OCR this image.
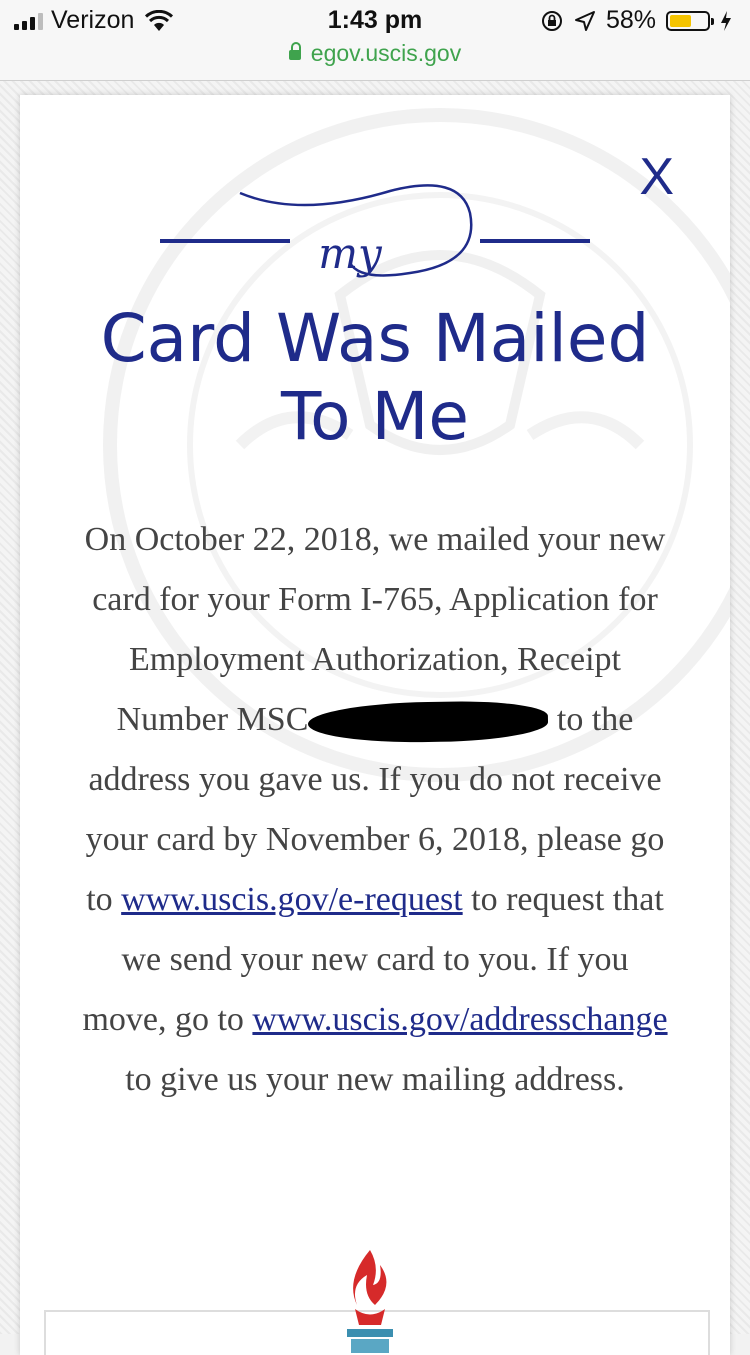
Verizon	1:43 pm	58%
egov.uscis.gov
X
my
Card Was Mailed To Me
On October 22, 2018, we mailed your new card for your Form I-765, Application for Employment Authorization, Receipt Number MSC	to the address you gave us. If you do not receive your card by November 6, 2018, please go to www.uscis.gov/e-request to request that we send your new card to you. If you move, go to www.uscis.gov/addresschange to give us your new mailing address.
